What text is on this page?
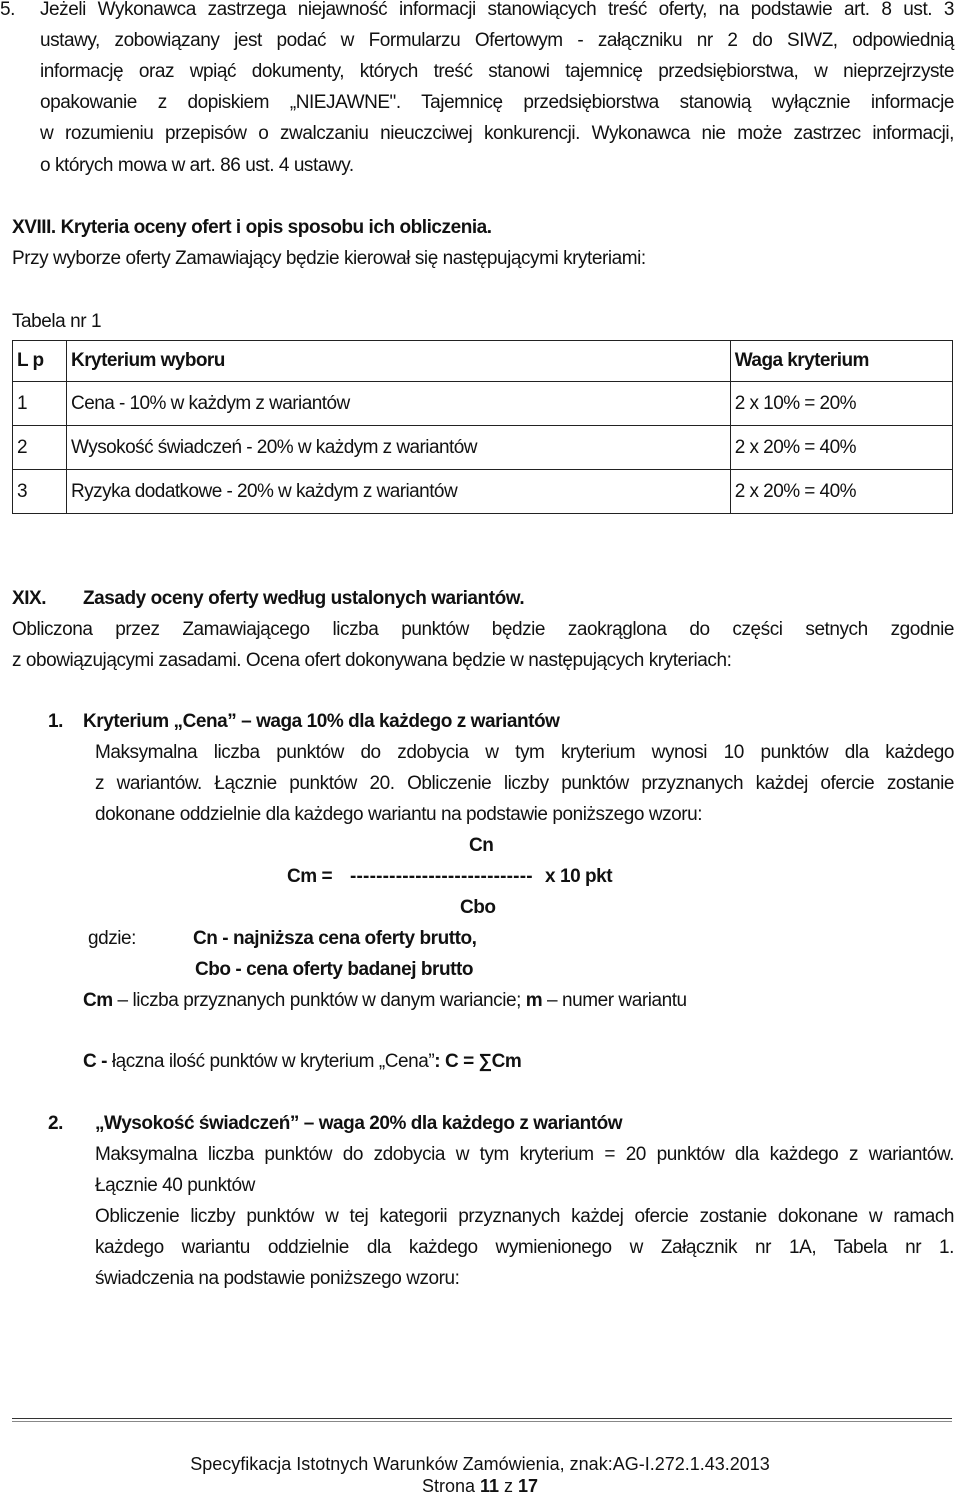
5. Jeżeli Wykonawca zastrzega niejawność informacji stanowiących treść oferty, na podstawie art. 8 ust. 3
ustawy, zobowiązany jest podać w Formularzu Ofertowym - załączniku nr 2 do SIWZ, odpowiednią
informację oraz wpiąć dokumenty, których treść stanowi tajemnicę przedsiębiorstwa, w nieprzejrzyste
opakowanie z dopiskiem „NIEJAWNE". Tajemnicę przedsiębiorstwa stanowią wyłącznie informacje
w rozumieniu przepisów o zwalczaniu nieuczciwej konkurencji. Wykonawca nie może zastrzec informacji,
o których mowa w art. 86 ust. 4 ustawy.
XVIII. Kryteria oceny ofert i opis sposobu ich obliczenia.
Przy wyborze oferty Zamawiający będzie kierował się następującymi kryteriami:
Tabela nr 1
L p	Kryterium wyboru	Waga kryterium
1	Cena - 10% w każdym z wariantów	2 x 10% = 20%
2	Wysokość świadczeń - 20% w każdym z wariantów	2 x 20% = 40%
3	Ryzyka dodatkowe - 20% w każdym z wariantów	2 x 20% = 40%
XIX. Zasady oceny oferty według ustalonych wariantów.
Obliczona przez Zamawiającego liczba punktów będzie zaokrąglona do części setnych zgodnie
z obowiązującymi zasadami. Ocena ofert dokonywana będzie w następujących kryteriach:
1. Kryterium „Cena” – waga 10% dla każdego z wariantów
Maksymalna liczba punktów do zdobycia w tym kryterium wynosi 10 punktów dla każdego
z wariantów. Łącznie punktów 20. Obliczenie liczby punktów przyznanych każdej ofercie zostanie
dokonane oddzielnie dla każdego wariantu na podstawie poniższego wzoru:
Cn
Cm = ---------------------------- x 10 pkt
Cbo
gdzie:	Cn - najniższa cena oferty brutto,
Cbo - cena oferty badanej brutto
Cm – liczba przyznanych punktów w danym wariancie; m – numer wariantu
C - łączna ilość punktów w kryterium „Cena”: C = ∑Cm
2. „Wysokość świadczeń” – waga 20% dla każdego z wariantów
Maksymalna liczba punktów do zdobycia w tym kryterium = 20 punktów dla każdego z wariantów.
Łącznie 40 punktów
Obliczenie liczby punktów w tej kategorii przyznanych każdej ofercie zostanie dokonane w ramach
każdego wariantu oddzielnie dla każdego wymienionego w Załącznik nr 1A, Tabela nr 1.
świadczenia na podstawie poniższego wzoru:
Specyfikacja Istotnych Warunków Zamówienia, znak:AG-I.272.1.43.2013
Strona 11 z 17
